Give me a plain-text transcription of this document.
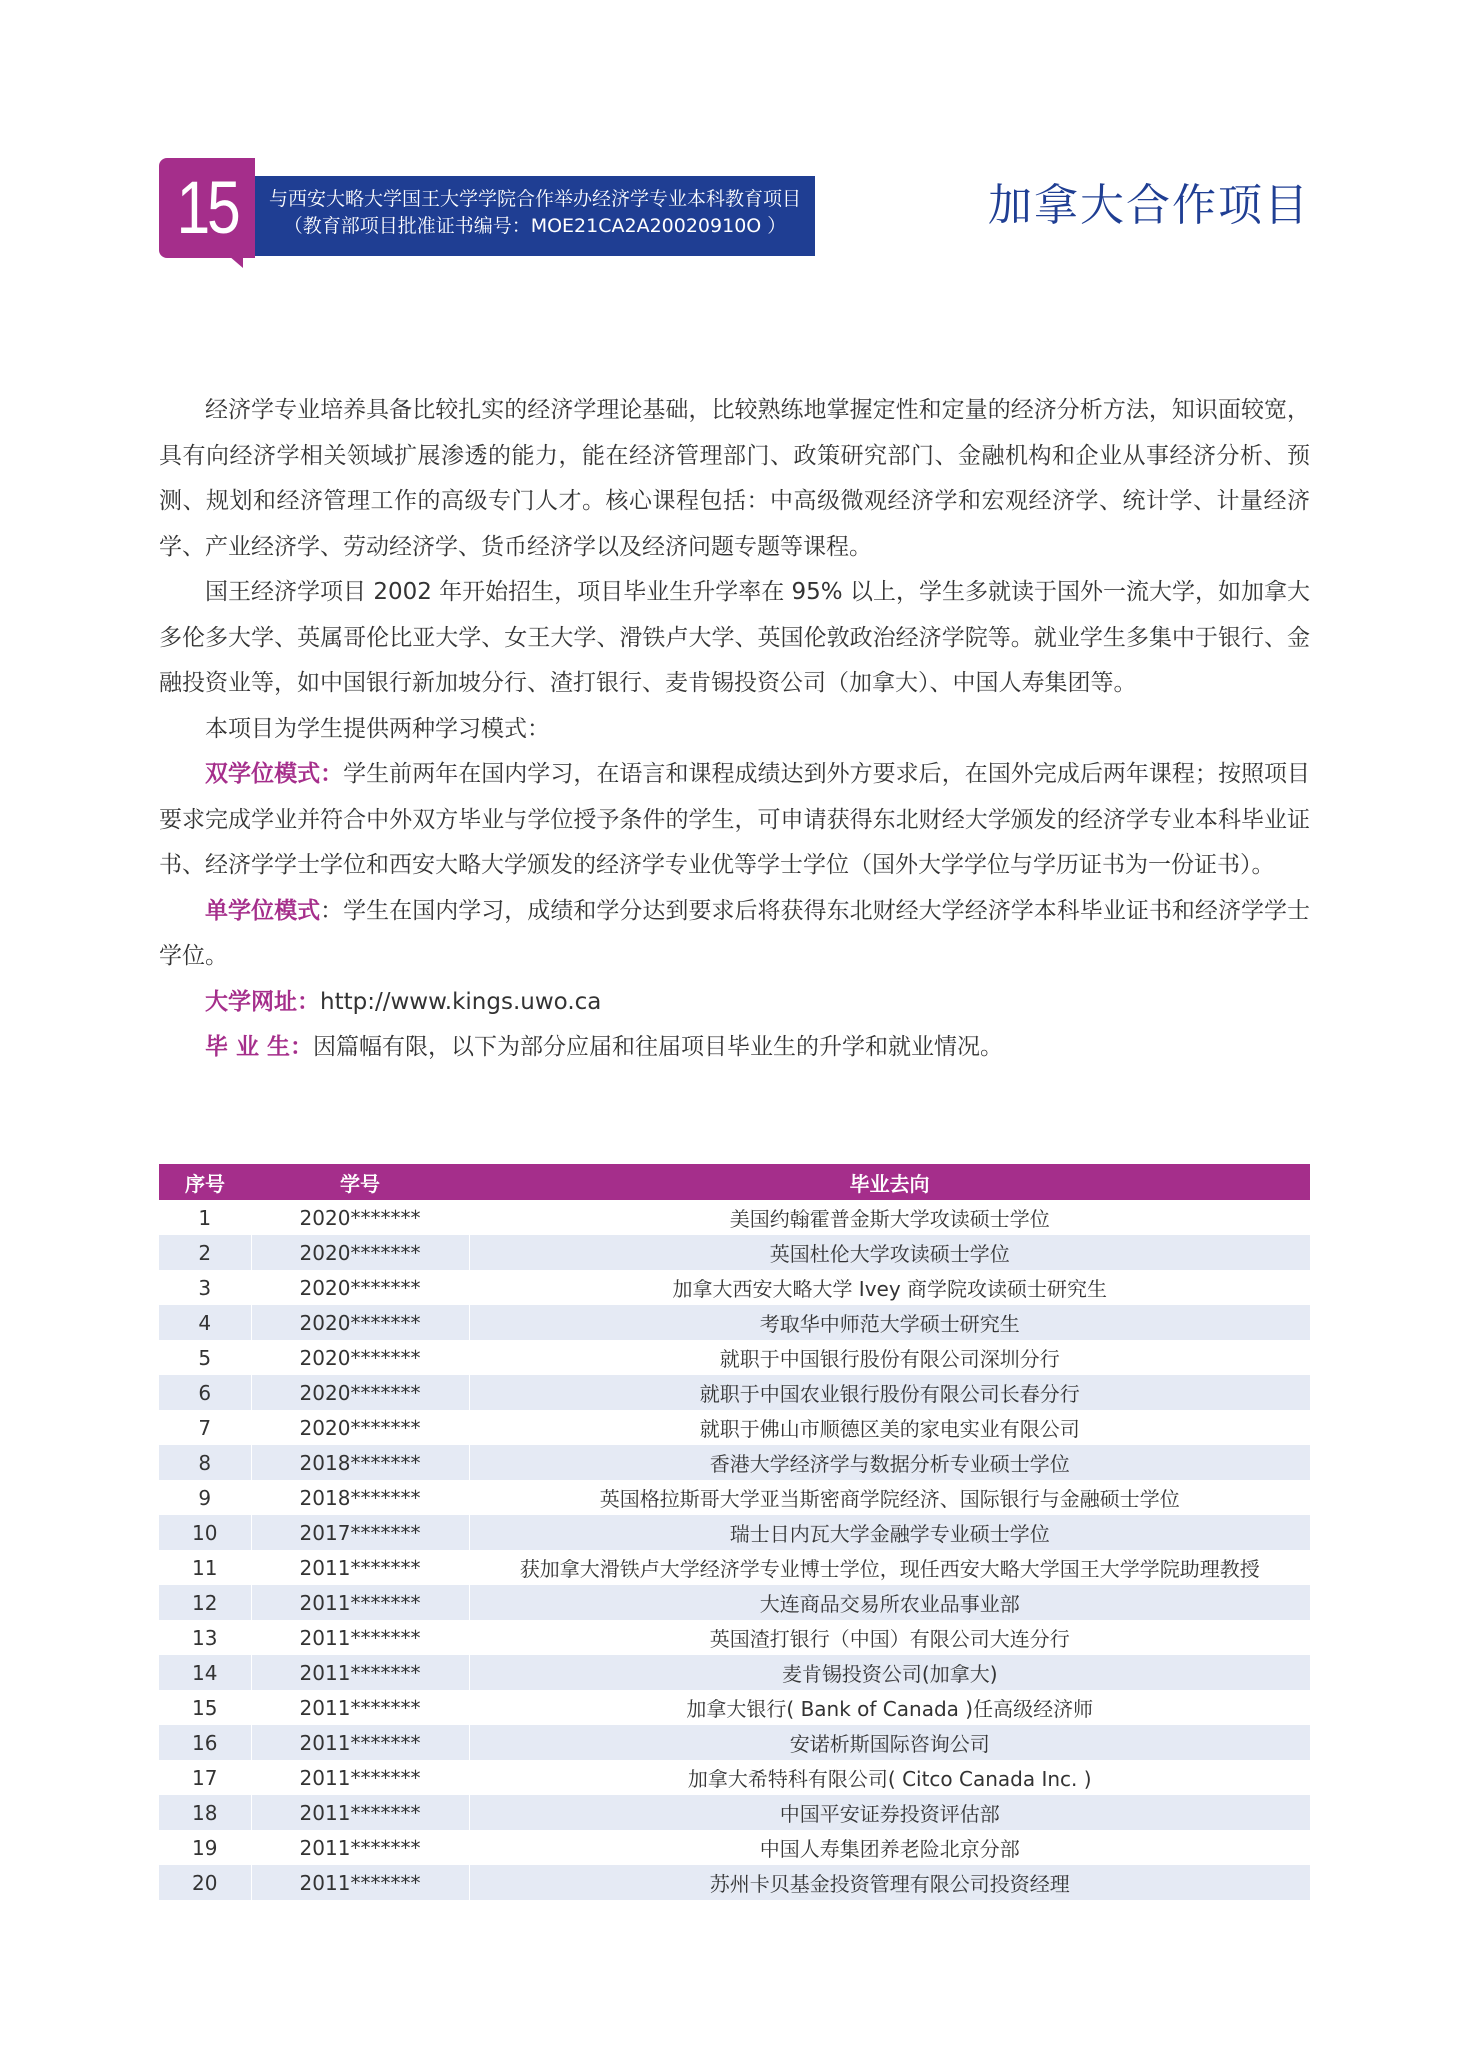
15	与西安大略大学国王大学学院合作举办经济学专业本科教育项目
（教育部项目批准证书编号：MOE21CA2A20020910O ）	加拿大合作项目

经济学专业培养具备比较扎实的经济学理论基础，比较熟练地掌握定性和定量的经济分析方法，知识面较宽，具有向经济学相关领域扩展渗透的能力，能在经济管理部门、政策研究部门、金融机构和企业从事经济分析、预测、规划和经济管理工作的高级专门人才。核心课程包括：中高级微观经济学和宏观经济学、统计学、计量经济学、产业经济学、劳动经济学、货币经济学以及经济问题专题等课程。

国王经济学项目 2002 年开始招生，项目毕业生升学率在 95% 以上，学生多就读于国外一流大学，如加拿大多伦多大学、英属哥伦比亚大学、女王大学、滑铁卢大学、英国伦敦政治经济学院等。就业学生多集中于银行、金融投资业等，如中国银行新加坡分行、渣打银行、麦肯锡投资公司（加拿大）、中国人寿集团等。

本项目为学生提供两种学习模式：

双学位模式：学生前两年在国内学习，在语言和课程成绩达到外方要求后，在国外完成后两年课程；按照项目要求完成学业并符合中外双方毕业与学位授予条件的学生，可申请获得东北财经大学颁发的经济学专业本科毕业证书、经济学学士学位和西安大略大学颁发的经济学专业优等学士学位（国外大学学位与学历证书为一份证书）。

单学位模式：学生在国内学习，成绩和学分达到要求后将获得东北财经大学经济学本科毕业证书和经济学学士学位。

大学网址：http://www.kings.uwo.ca

毕 业 生：因篇幅有限，以下为部分应届和往届项目毕业生的升学和就业情况。

序号	学号	毕业去向
1	2020*******	美国约翰霍普金斯大学攻读硕士学位
2	2020*******	英国杜伦大学攻读硕士学位
3	2020*******	加拿大西安大略大学 Ivey 商学院攻读硕士研究生
4	2020*******	考取华中师范大学硕士研究生
5	2020*******	就职于中国银行股份有限公司深圳分行
6	2020*******	就职于中国农业银行股份有限公司长春分行
7	2020*******	就职于佛山市顺德区美的家电实业有限公司
8	2018*******	香港大学经济学与数据分析专业硕士学位
9	2018*******	英国格拉斯哥大学亚当斯密商学院经济、国际银行与金融硕士学位
10	2017*******	瑞士日内瓦大学金融学专业硕士学位
11	2011*******	获加拿大滑铁卢大学经济学专业博士学位，现任西安大略大学国王大学学院助理教授
12	2011*******	大连商品交易所农业品事业部
13	2011*******	英国渣打银行（中国）有限公司大连分行
14	2011*******	麦肯锡投资公司(加拿大)
15	2011*******	加拿大银行( Bank of Canada )任高级经济师
16	2011*******	安诺析斯国际咨询公司
17	2011*******	加拿大希特科有限公司( Citco Canada Inc. )
18	2011*******	中国平安证券投资评估部
19	2011*******	中国人寿集团养老险北京分部
20	2011*******	苏州卡贝基金投资管理有限公司投资经理
